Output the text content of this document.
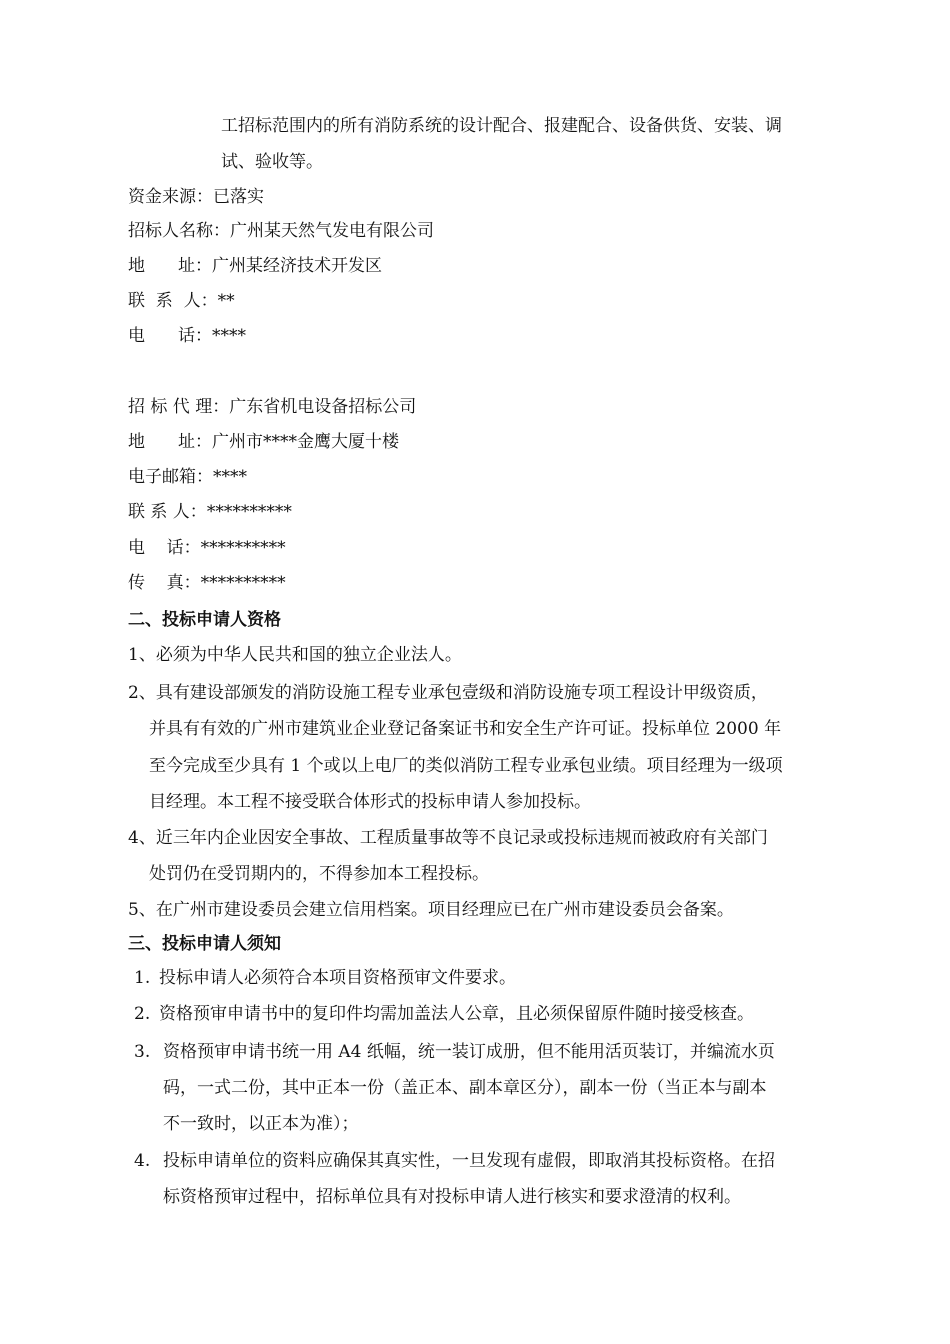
工招标范围内的所有消防系统的设计配合、报建配合、设备供货、安装、调
试、验收等。
资金来源：已落实
招标人名称：广州某天然气发电有限公司
地 址：广州某经济技术开发区
联  系  人：**
电 话：****
招 标 代 理：广东省机电设备招标公司
地 址：广州市****金鹰大厦十楼
电子邮箱：****
联 系 人：**********
电    话：**********
传    真：**********
二、投标申请人资格
1、必须为中华人民共和国的独立企业法人。
2、具有建设部颁发的消防设施工程专业承包壹级和消防设施专项工程设计甲级资质，
并具有有效的广州市建筑业企业登记备案证书和安全生产许可证。投标单位 2000 年
至今完成至少具有 1 个或以上电厂的类似消防工程专业承包业绩。项目经理为一级项
目经理。本工程不接受联合体形式的投标申请人参加投标。
4、近三年内企业因安全事故、工程质量事故等不良记录或投标违规而被政府有关部门
处罚仍在受罚期内的，不得参加本工程投标。
5、在广州市建设委员会建立信用档案。项目经理应已在广州市建设委员会备案。
三、投标申请人须知
1. 投标申请人必须符合本项目资格预审文件要求。
2. 资格预审申请书中的复印件均需加盖法人公章，且必须保留原件随时接受核查。
3. 资格预审申请书统一用 A4 纸幅，统一装订成册，但不能用活页装订，并编流水页
码，一式二份，其中正本一份（盖正本、副本章区分），副本一份（当正本与副本
不一致时，以正本为准）；
4. 投标申请单位的资料应确保其真实性，一旦发现有虚假，即取消其投标资格。在招
标资格预审过程中，招标单位具有对投标申请人进行核实和要求澄清的权利。
